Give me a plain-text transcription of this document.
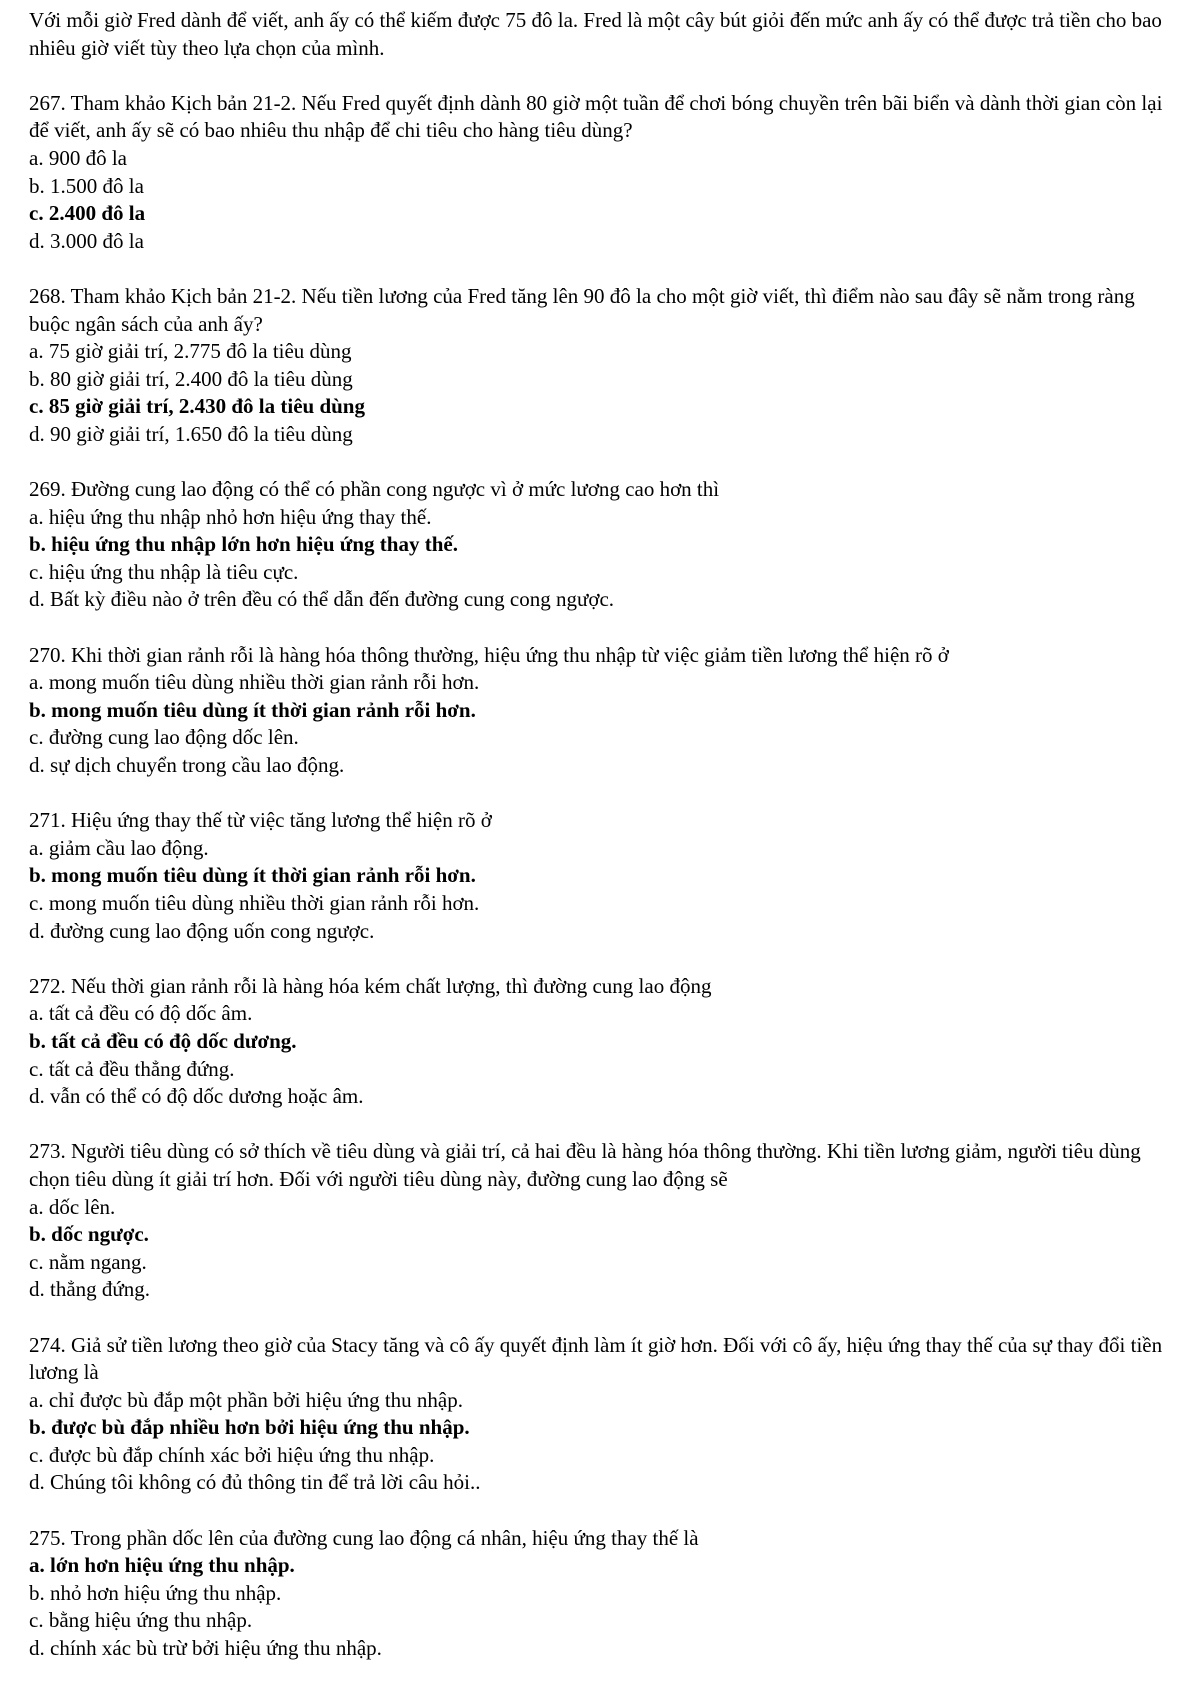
Với mỗi giờ Fred dành để viết, anh ấy có thể kiếm được 75 đô la. Fred là một cây bút giỏi đến mức anh ấy có thể được trả tiền cho bao nhiêu giờ viết tùy theo lựa chọn của mình.

267. Tham khảo Kịch bản 21-2. Nếu Fred quyết định dành 80 giờ một tuần để chơi bóng chuyền trên bãi biển và dành thời gian còn lại để viết, anh ấy sẽ có bao nhiêu thu nhập để chi tiêu cho hàng tiêu dùng?

a. 900 đô la
b. 1.500 đô la
c. 2.400 đô la
d. 3.000 đô la

268. Tham khảo Kịch bản 21-2. Nếu tiền lương của Fred tăng lên 90 đô la cho một giờ viết, thì điểm nào sau đây sẽ nằm trong ràng buộc ngân sách của anh ấy?

a. 75 giờ giải trí, 2.775 đô la tiêu dùng
b. 80 giờ giải trí, 2.400 đô la tiêu dùng
c. 85 giờ giải trí, 2.430 đô la tiêu dùng
d. 90 giờ giải trí, 1.650 đô la tiêu dùng

269. Đường cung lao động có thể có phần cong ngược vì ở mức lương cao hơn thì

a. hiệu ứng thu nhập nhỏ hơn hiệu ứng thay thế.
b. hiệu ứng thu nhập lớn hơn hiệu ứng thay thế.
c. hiệu ứng thu nhập là tiêu cực.
d. Bất kỳ điều nào ở trên đều có thể dẫn đến đường cung cong ngược.

270. Khi thời gian rảnh rỗi là hàng hóa thông thường, hiệu ứng thu nhập từ việc giảm tiền lương thể hiện rõ ở

a. mong muốn tiêu dùng nhiều thời gian rảnh rỗi hơn.
b. mong muốn tiêu dùng ít thời gian rảnh rỗi hơn.
c. đường cung lao động dốc lên.
d. sự dịch chuyển trong cầu lao động.

271. Hiệu ứng thay thế từ việc tăng lương thể hiện rõ ở

a. giảm cầu lao động.
b. mong muốn tiêu dùng ít thời gian rảnh rỗi hơn.
c. mong muốn tiêu dùng nhiều thời gian rảnh rỗi hơn.
d. đường cung lao động uốn cong ngược.

272. Nếu thời gian rảnh rỗi là hàng hóa kém chất lượng, thì đường cung lao động

a. tất cả đều có độ dốc âm.
b. tất cả đều có độ dốc dương.
c. tất cả đều thẳng đứng.
d. vẫn có thể có độ dốc dương hoặc âm.

273. Người tiêu dùng có sở thích về tiêu dùng và giải trí, cả hai đều là hàng hóa thông thường. Khi tiền lương giảm, người tiêu dùng chọn tiêu dùng ít giải trí hơn. Đối với người tiêu dùng này, đường cung lao động sẽ

a. dốc lên.
b. dốc ngược.
c. nằm ngang.
d. thẳng đứng.

274. Giả sử tiền lương theo giờ của Stacy tăng và cô ấy quyết định làm ít giờ hơn. Đối với cô ấy, hiệu ứng thay thế của sự thay đổi tiền lương là

a. chỉ được bù đắp một phần bởi hiệu ứng thu nhập.
b. được bù đắp nhiều hơn bởi hiệu ứng thu nhập.
c. được bù đắp chính xác bởi hiệu ứng thu nhập.
d. Chúng tôi không có đủ thông tin để trả lời câu hỏi..

275. Trong phần dốc lên của đường cung lao động cá nhân, hiệu ứng thay thế là

a. lớn hơn hiệu ứng thu nhập.
b. nhỏ hơn hiệu ứng thu nhập.
c. bằng hiệu ứng thu nhập.
d. chính xác bù trừ bởi hiệu ứng thu nhập.
